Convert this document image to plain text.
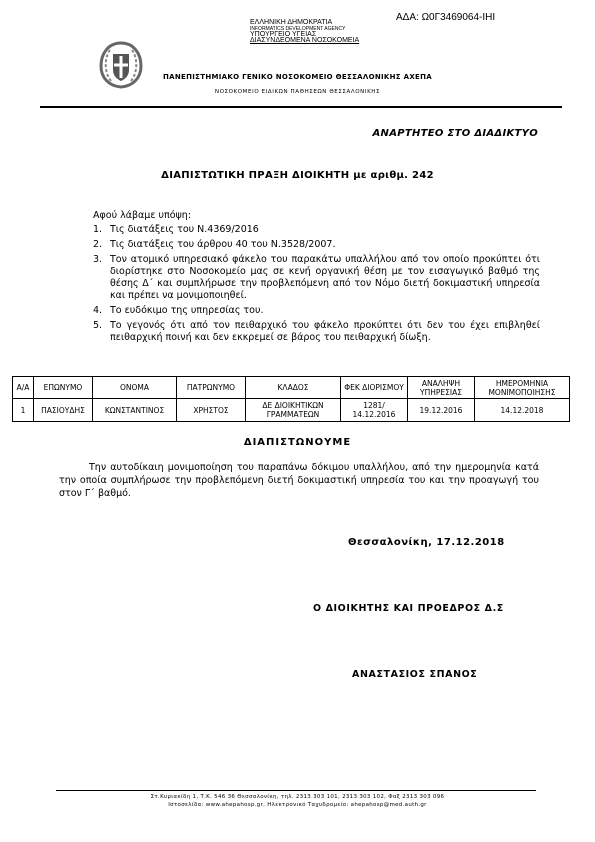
ΑΔΑ: Ω0Γ3469064-ΙΗΙ
ΕΛΛΗΝΙΚΗ ΔΗΜΟΚΡΑΤΙΑ
INFORMATICS DEVELOPMENT AGENCY
ΥΠΟΥΡΓΕΙΟ ΥΓΕΙΑΣ
ΔΙΑΣΥΝΔΕΟΜΕΝΑ ΝΟΣΟΚΟΜΕΙΑ
ΠΑΝΕΠΙΣΤΗΜΙΑΚΟ ΓΕΝΙΚΟ ΝΟΣΟΚΟΜΕΙΟ ΘΕΣΣΑΛΟΝΙΚΗΣ ΑΧΕΠΑ
ΝΟΣΟΚΟΜΕΙΟ ΕΙΔΙΚΩΝ ΠΑΘΗΣΕΩΝ ΘΕΣΣΑΛΟΝΙΚΗΣ
ΑΝΑΡΤΗΤΕΟ ΣΤΟ ΔΙΑΔΙΚΤΥΟ
ΔΙΑΠΙΣΤΩΤΙΚΗ ΠΡΑΞΗ ΔΙΟΙΚΗΤΗ με αριθμ. 242
Αφού λάβαμε υπόψη:
1. Τις διατάξεις του Ν.4369/2016
2. Τις διατάξεις του άρθρου 40 του Ν.3528/2007.
3. Τον ατομικό υπηρεσιακό φάκελο του παρακάτω υπαλλήλου από τον οποίο προκύπτει ότι διορίστηκε στο Νοσοκομείο μας σε κενή οργανική θέση με τον εισαγωγικό βαθμό της θέσης Δ΄ και συμπλήρωσε την προβλεπόμενη από τον Νόμο διετή δοκιμαστική υπηρεσία και πρέπει να μονιμοποιηθεί.
4. Το ευδόκιμο της υπηρεσίας του.
5. Το γεγονός ότι από τον πειθαρχικό του φάκελο προκύπτει ότι δεν του έχει επιβληθεί πειθαρχική ποινή και δεν εκκρεμεί σε βάρος του πειθαρχική δίωξη.
Α/Α	ΕΠΩΝΥΜΟ	ΟΝΟΜΑ	ΠΑΤΡΩΝΥΜΟ	ΚΛΑΔΟΣ	ΦΕΚ ΔΙΟΡΙΣΜΟΥ	ΑΝΑΛΗΨΗ ΥΠΗΡΕΣΙΑΣ	ΗΜΕΡΟΜΗΝΙΑ ΜΟΝΙΜΟΠΟΙΗΣΗΣ
1	ΠΑΣΙΟΥΔΗΣ	ΚΩΝΣΤΑΝΤΙΝΟΣ	ΧΡΗΣΤΟΣ	ΔΕ ΔΙΟΙΚΗΤΙΚΩΝ ΓΡΑΜΜΑΤΕΩΝ	1281/ 14.12.2016	19.12.2016	14.12.2018
ΔΙΑΠΙΣΤΩΝΟΥΜΕ
Την αυτοδίκαιη μονιμοποίηση του παραπάνω δόκιμου υπαλλήλου, από την ημερομηνία κατά την οποία συμπλήρωσε την προβλεπόμενη διετή δοκιμαστική υπηρεσία του και την προαγωγή του στον Γ΄ βαθμό.
Θεσσαλονίκη, 17.12.2018
Ο ΔΙΟΙΚΗΤΗΣ ΚΑΙ ΠΡΟΕΔΡΟΣ Δ.Σ
ΑΝΑΣΤΑΣΙΟΣ ΣΠΑΝΟΣ
Στ.Κυριακίδη 1, Τ.Κ. 546 36 Θεσσαλονίκη, τηλ. 2313 303 101, 2313 303 102, Φαξ 2313 303 096
Ιστοσελίδα: www.ahepahosp.gr, Ηλεκτρονικό Ταχυδρομείο: ahepahosp@med.auth.gr
